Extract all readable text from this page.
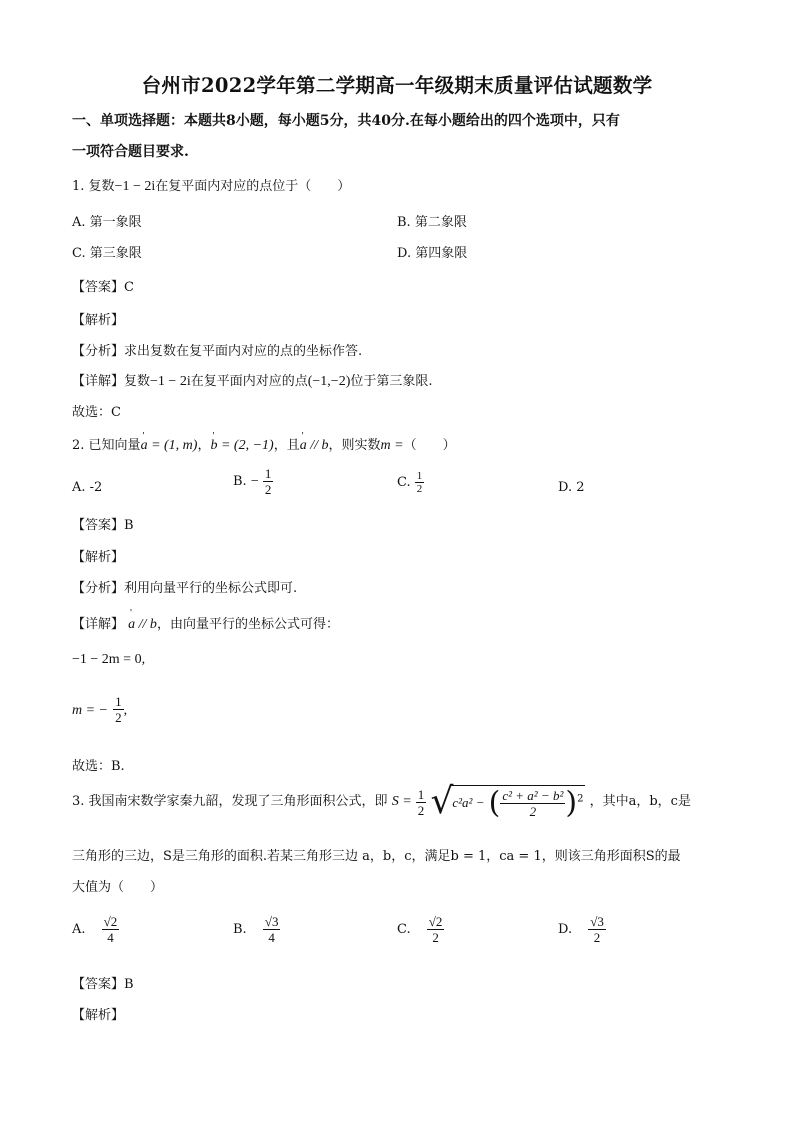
台州市2022学年第二学期高一年级期末质量评估试题数学
一、单项选择题：本题共8小题，每小题5分，共40分.在每小题给出的四个选项中，只有
一项符合题目要求.
1. 复数−1 − 2i在复平面内对应的点位于（　　）
A. 第一象限	B. 第二象限
C. 第三象限	D. 第四象限
【答案】C
【解析】
【分析】求出复数在复平面内对应的点的坐标作答.
【详解】复数−1 − 2i在复平面内对应的点(−1,−2)位于第三象限.
故选：C
2. 已知向量' a = (1, m)，' b = (2, −1)，且' a // b，则实数m =（　　）
A. -2	B. − $\frac{1}{2}$	C. $\frac{1}{2}$	D. 2
【答案】B
【解析】
【分析】利用向量平行的坐标公式即可.
【详解】 ' a // b，由向量平行的坐标公式可得：
−1 − 2m = 0,
m = − $\frac{1}{2}$ ,
故选：B.
3. 我国南宋数学家秦九韶，发现了三角形面积公式，即 $S = \frac{1}{2} √c^2a^2$ − ( $\frac{\text{c² + a² − b²}}{2} )^2$ ，其中a，b，c是
三角形的三边，S是三角形的面积.若某三角形三边 a，b，c，满足b = 1，ca = 1，则该三角形面积S的最
大值为（　　）
A. $\frac{√2}{4}$	B. $\frac{√3}{4}$	C. $\frac{√2}{2}$	D. $\frac{√3}{2}$
【答案】B
【解析】
